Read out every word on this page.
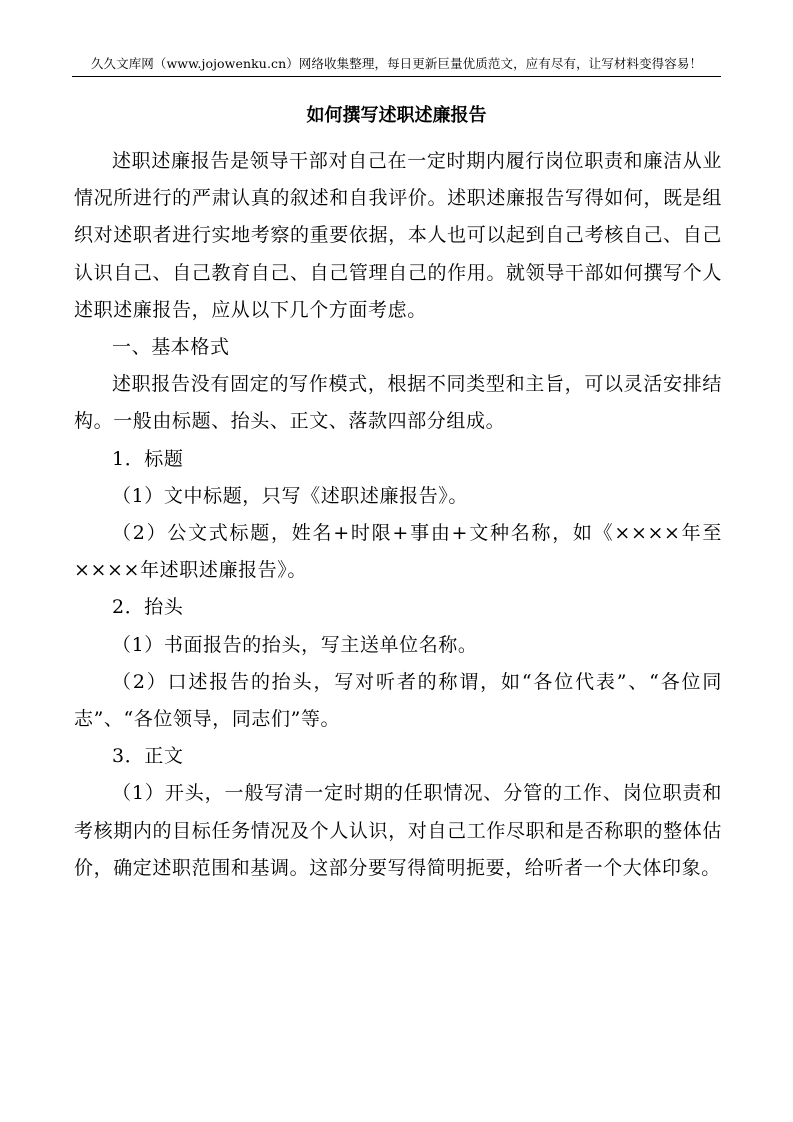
久久文库网（www.jojowenku.cn）网络收集整理，每日更新巨量优质范文，应有尽有，让写材料变得容易！
如何撰写述职述廉报告

述职述廉报告是领导干部对自己在一定时期内履行岗位职责和廉洁从业情况所进行的严肃认真的叙述和自我评价。述职述廉报告写得如何，既是组织对述职者进行实地考察的重要依据，本人也可以起到自己考核自己、自己认识自己、自己教育自己、自己管理自己的作用。就领导干部如何撰写个人述职述廉报告，应从以下几个方面考虑。

一、基本格式

述职报告没有固定的写作模式，根据不同类型和主旨，可以灵活安排结构。一般由标题、抬头、正文、落款四部分组成。

1．标题

（1）文中标题，只写《述职述廉报告》。

（2）公文式标题，姓名+时限+事由+文种名称，如《××××年至××××年述职述廉报告》。

2．抬头

（1）书面报告的抬头，写主送单位名称。

（2）口述报告的抬头，写对听者的称谓，如“各位代表”、“各位同志”、“各位领导，同志们”等。

3．正文

（1）开头，一般写清一定时期的任职情况、分管的工作、岗位职责和考核期内的目标任务情况及个人认识，对自己工作尽职和是否称职的整体估价，确定述职范围和基调。这部分要写得简明扼要，给听者一个大体印象。
